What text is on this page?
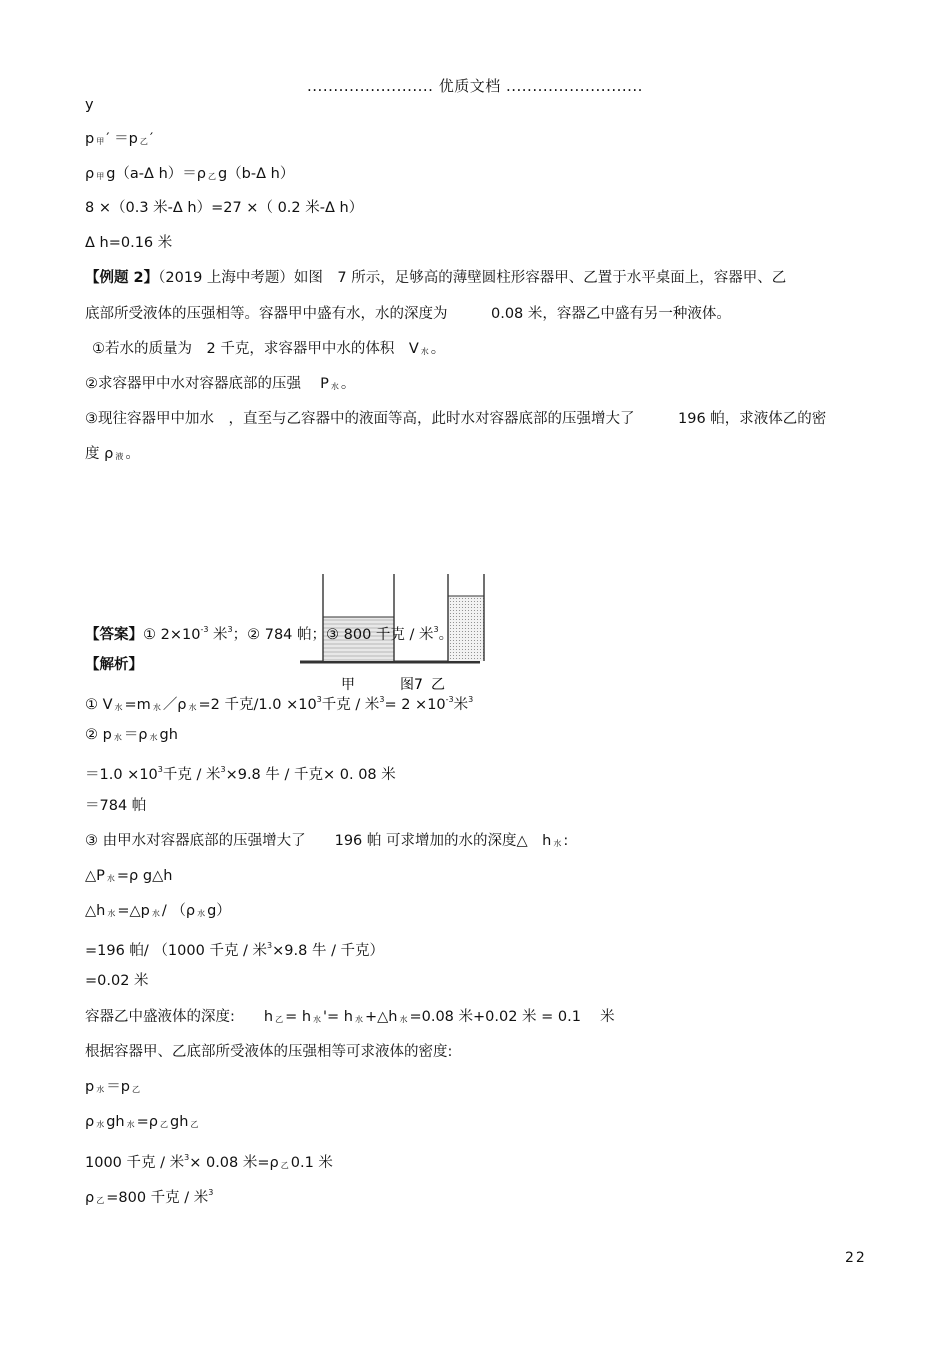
........................ 优质文档 ..........................
y
p $_甲$ ′ ＝p $_乙$ ′
ρ $_甲$ g（a-Δ h）＝ρ $_乙$ g（b-Δ h）
8 ×（0.3 米-Δ h）=27 ×（ 0.2 米-Δ h）
Δ h=0.16 米
【例题 2】（2019 上海中考题）如图　7 所示，足够高的薄壁圆柱形容器甲、乙置于水平桌面上，容器甲、乙
底部所受液体的压强相等。容器甲中盛有水，水的深度为　　　0.08 米，容器乙中盛有另一种液体。
①若水的质量为　2 千克，求容器甲中水的体积　V $_水$ 。
②求容器甲中水对容器底部的压强　 P $_水$ 。
③现往容器甲中加水　，直至与乙容器中的液面等高，此时水对容器底部的压强增大了　　　196 帕，求液体乙的密
度 ρ $_液$ 。
甲	图7 乙
【答案】① $2\times 10^{-3}$ 米$^3$；② 784 帕；③ 800 千克 / 米$^3$。
【解析】
① V $_水$ =m $_水$ ／ρ $_水$ =2 千克$/1.0 \times 10^3$千克 / 米$^3= 2 \times 10^{-3}$米$^3$
② p $_水$ ＝ρ $_水$ gh
$=1.0 \times 10^3$千克 / 米$^3$×9.8 牛 / 千克× 0. 08 米
＝784 帕
③ 由甲水对容器底部的压强增大了　　196 帕 可求增加的水的深度△　h $_水$ :
△P $_水$ =ρ g△h
△h $_水$ =△p $_水$ / （ρ $_水$ g）
=196 帕/ （1000 千克 / 米$^3$×9.8 牛 / 千克）
=0.02 米
容器乙中盛液体的深度:　　h $_乙$ = h $_水$ '= h $_水$ +△h $_水$ =0.08 米+0.02 米 = 0.1　 米
根据容器甲、乙底部所受液体的压强相等可求液体的密度:
p $_水$ ＝p $_乙$
ρ $_水$ gh $_水$ =ρ $_乙$ gh $_乙$
1000 千克 / 米$^3$× 0.08 米=ρ $_乙$ 0.1 米
ρ $_乙$ =800 千克 / 米$^3$
22
